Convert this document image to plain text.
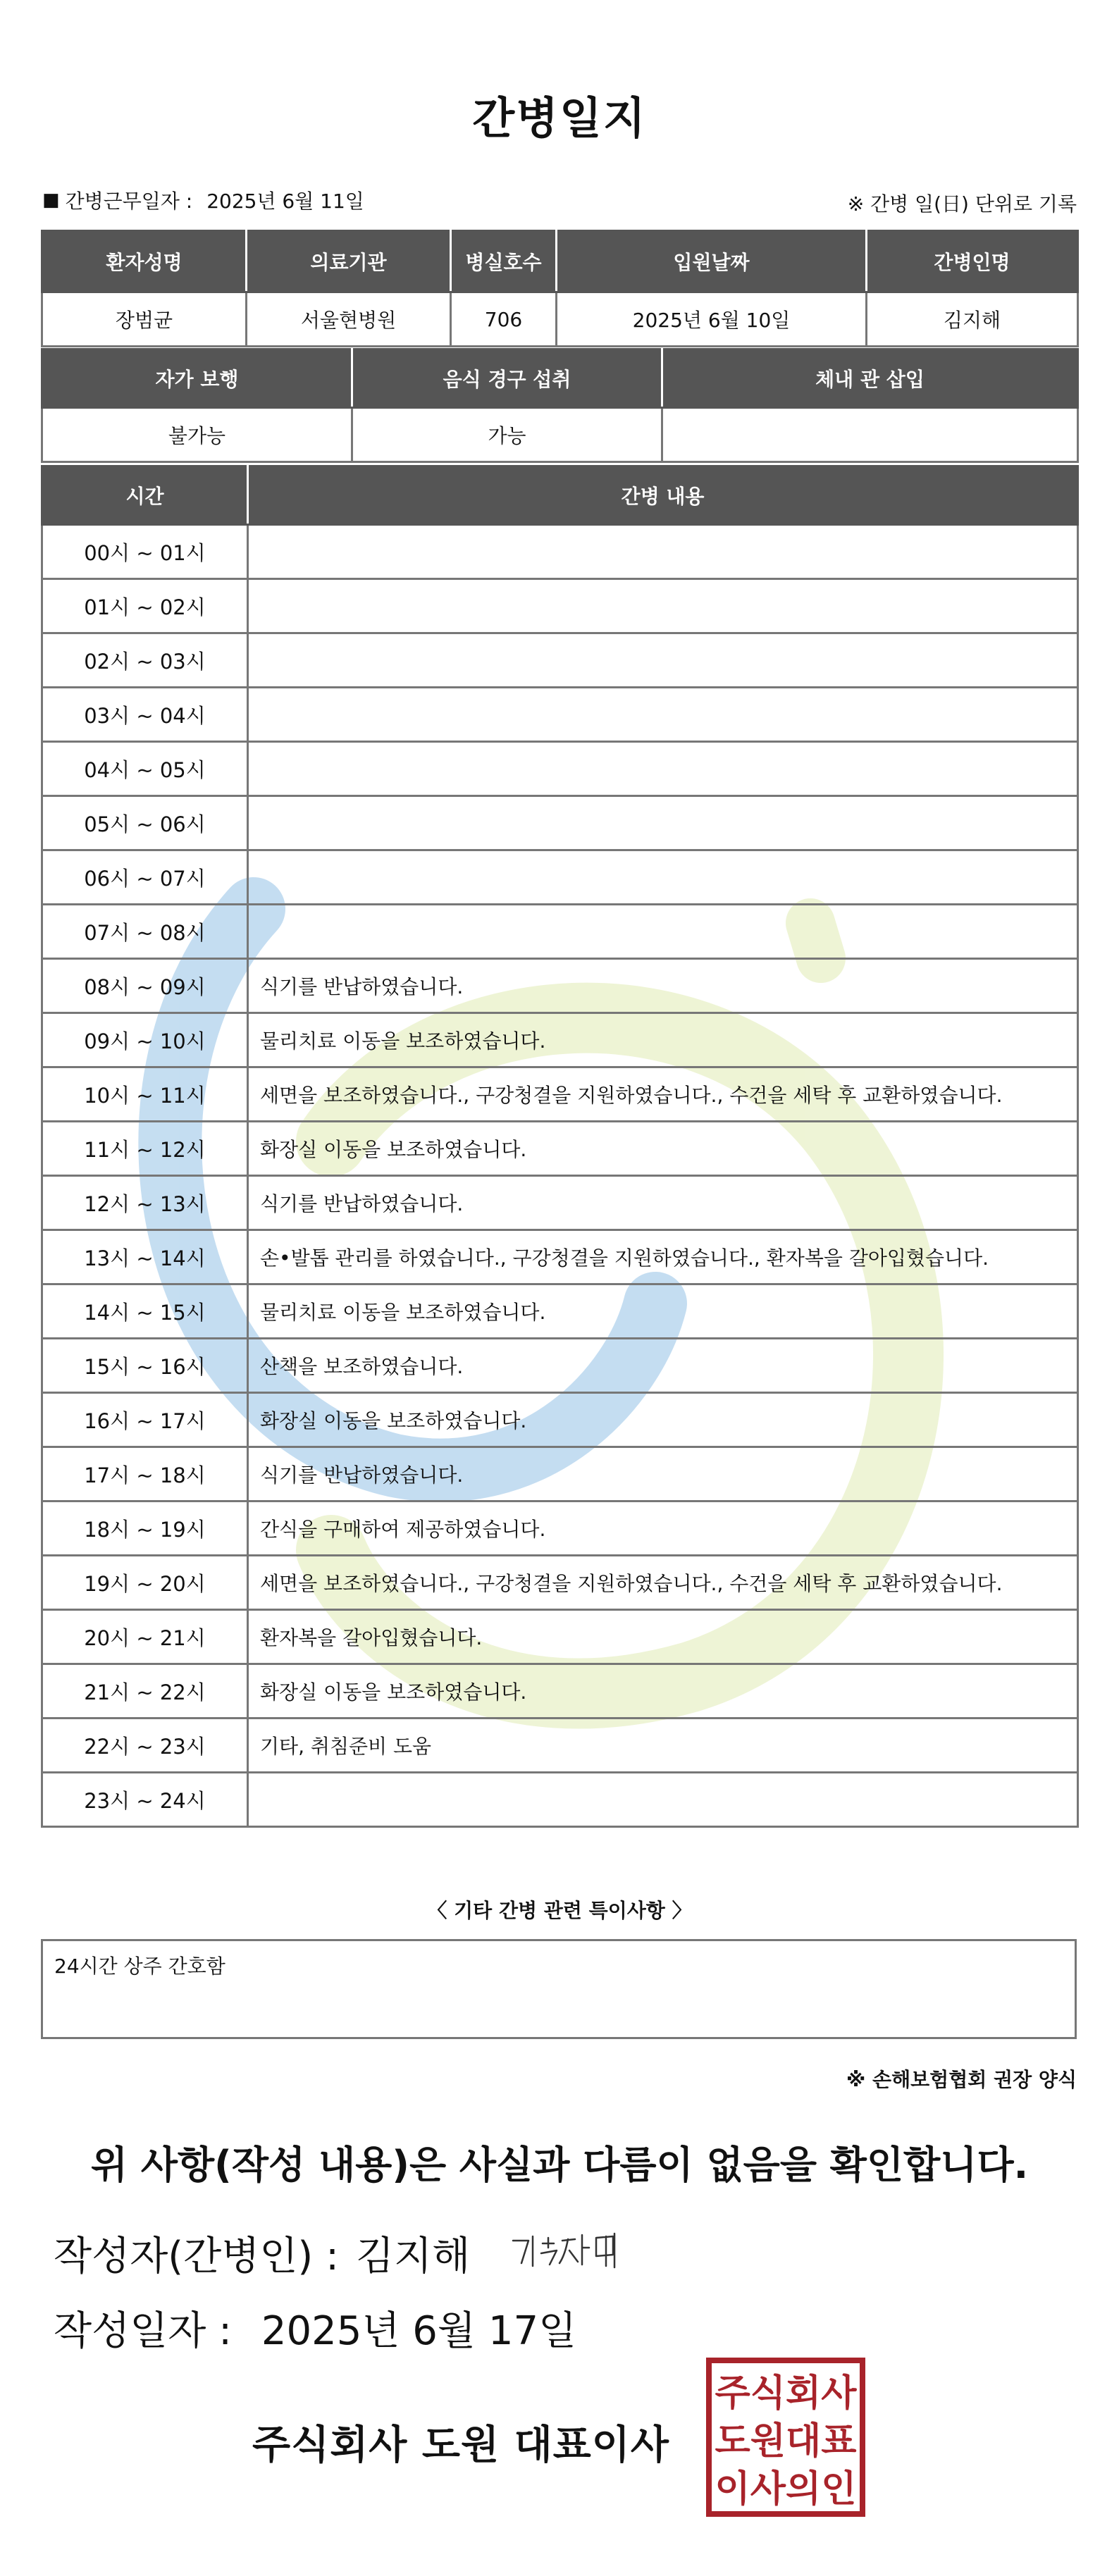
간병일지
■ 간병근무일자 : 2025년 6월 11일	※ 간병 일(日) 단위로 기록
환자성명	의료기관	병실호수	입원날짜	간병인명
장범균	서울현병원	706	2025년 6월 10일	김지해
자가 보행	음식 경구 섭취	체내 관 삽입
불가능	가능	
시간	간병 내용
00시 ~ 01시	
01시 ~ 02시	
02시 ~ 03시	
03시 ~ 04시	
04시 ~ 05시	
05시 ~ 06시	
06시 ~ 07시	
07시 ~ 08시	
08시 ~ 09시	식기를 반납하였습니다.
09시 ~ 10시	물리치료 이동을 보조하였습니다.
10시 ~ 11시	세면을 보조하였습니다., 구강청결을 지원하였습니다., 수건을 세탁 후 교환하였습니다.
11시 ~ 12시	화장실 이동을 보조하였습니다.
12시 ~ 13시	식기를 반납하였습니다.
13시 ~ 14시	손•발톱 관리를 하였습니다., 구강청결을 지원하였습니다., 환자복을 갈아입혔습니다.
14시 ~ 15시	물리치료 이동을 보조하였습니다.
15시 ~ 16시	산책을 보조하였습니다.
16시 ~ 17시	화장실 이동을 보조하였습니다.
17시 ~ 18시	식기를 반납하였습니다.
18시 ~ 19시	간식을 구매하여 제공하였습니다.
19시 ~ 20시	세면을 보조하였습니다., 구강청결을 지원하였습니다., 수건을 세탁 후 교환하였습니다.
20시 ~ 21시	환자복을 갈아입혔습니다.
21시 ~ 22시	화장실 이동을 보조하였습니다.
22시 ~ 23시	기타, 취침준비 도움
23시 ~ 24시	
〈 기타 간병 관련 특이사항 〉
24시간 상주 간호함
※ 손해보험협회 권장 양식
위 사항(작성 내용)은 사실과 다름이 없음을 확인합니다.
작성자(간병인) : 김지해
작성일자 : 2025년 6월 17일
주식회사 도원 대표이사
주식회사
도원대표
이사의인
